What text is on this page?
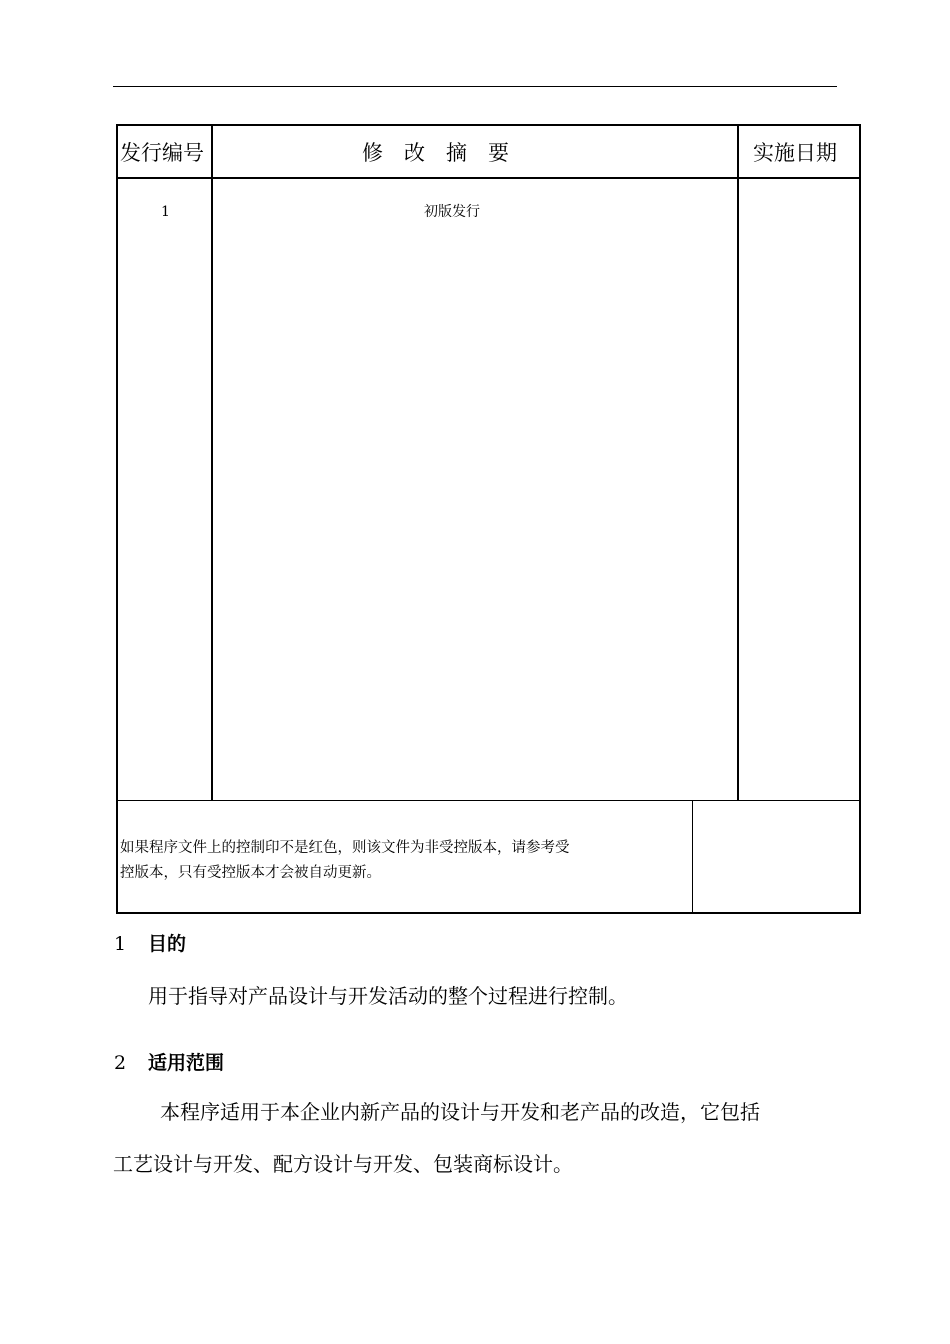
发行编号	修　改　摘　要	实施日期
1	初版发行
如果程序文件上的控制印不是红色，则该文件为非受控版本，请参考受
控版本，只有受控版本才会被自动更新。
1 目的
用于指导对产品设计与开发活动的整个过程进行控制。
2 适用范围
本程序适用于本企业内新产品的设计与开发和老产品的改造，它包括
工艺设计与开发、配方设计与开发、包装商标设计。
